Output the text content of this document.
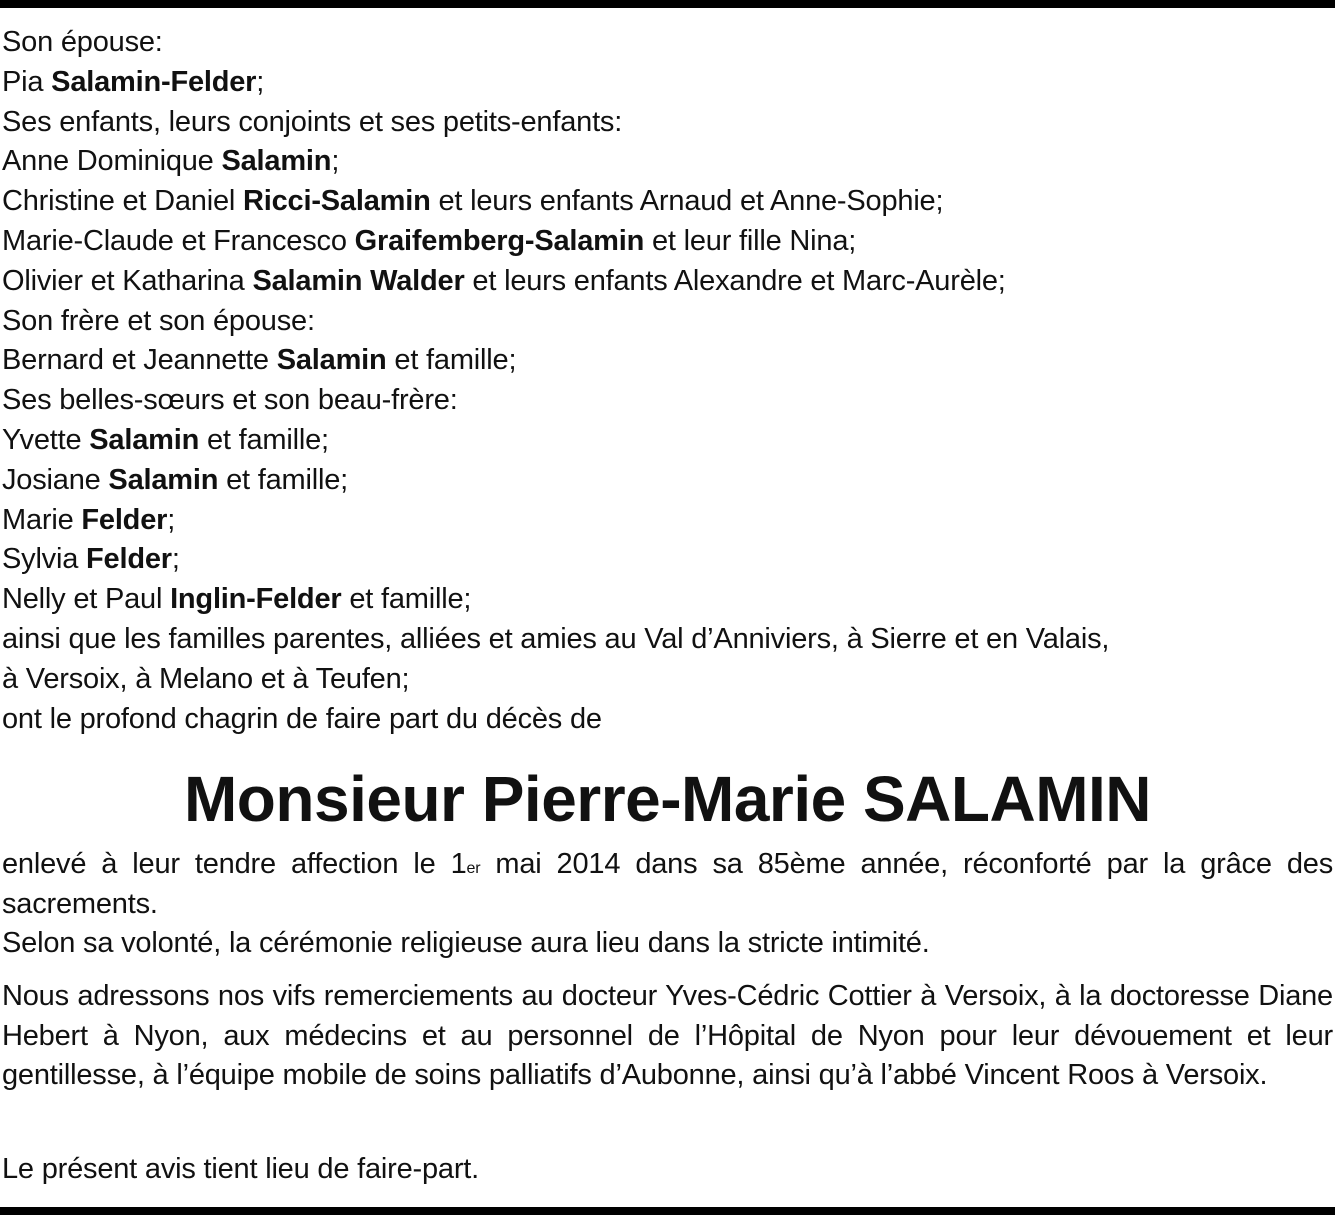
Son épouse:
Pia Salamin-Felder;
Ses enfants, leurs conjoints et ses petits-enfants:
Anne Dominique Salamin;
Christine et Daniel Ricci-Salamin et leurs enfants Arnaud et Anne-Sophie;
Marie-Claude et Francesco Graifemberg-Salamin et leur fille Nina;
Olivier et Katharina Salamin Walder et leurs enfants Alexandre et Marc-Aurèle;
Son frère et son épouse:
Bernard et Jeannette Salamin et famille;
Ses belles-sœurs et son beau-frère:
Yvette Salamin et famille;
Josiane Salamin et famille;
Marie Felder;
Sylvia Felder;
Nelly et Paul Inglin-Felder et famille;
ainsi que les familles parentes, alliées et amies au Val d’Anniviers, à Sierre et en Valais,
à Versoix, à Melano et à Teufen;
ont le profond chagrin de faire part du décès de
Monsieur Pierre-Marie SALAMIN
enlevé à leur tendre affection le 1er mai 2014 dans sa 85ème année, réconforté par la grâce des sacrements.
Selon sa volonté, la cérémonie religieuse aura lieu dans la stricte intimité.
Nous adressons nos vifs remerciements au docteur Yves-Cédric Cottier à Versoix, à la doctoresse Diane Hebert à Nyon, aux médecins et au personnel de l’Hôpital de Nyon pour leur dévouement et leur gentillesse, à l’équipe mobile de soins palliatifs d’Aubonne, ainsi qu’à l’abbé Vincent Roos à Versoix.
Le présent avis tient lieu de faire-part.
